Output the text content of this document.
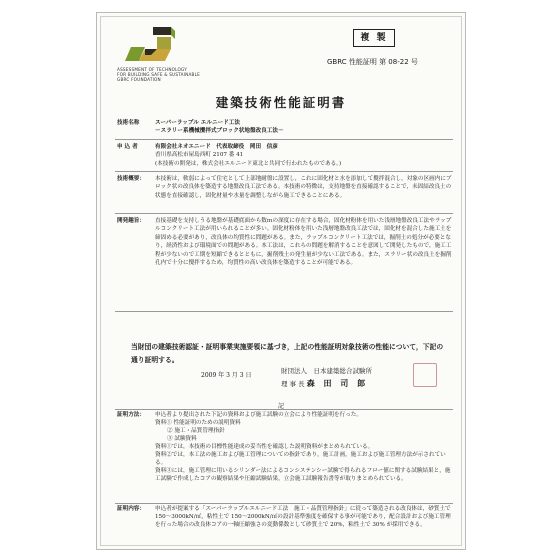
ASSESSMENT OF TECHNOLOGY
FOR BUILDING SAFE & SUSTAINABLE
GBRC FOUNDATION
複 製
GBRC 性能証明 第 08-22 号
建築技術性能証明書
技術名称	スーパーラップル エルニード工法
－スラリー系機械攪拌式ブロック状地盤改良工法－
申 込 者	有限会社ネオエニード　代表取締役　岡田　信彦
香川県高松市屋島西町 2107 番 41
(本技術の開発は，株式会社エルニード東北と共同で行われたものである。)
技術概要：	本技術は，軟弱によって住宅として上部地耐盤に設置し，これに固化材と水を添加して攪拌混合し，対象の区画内にブロック状の改良体を築造する地盤改良工法である。本技術の特徴は，支持地盤を直接確認することで，未固結改良土の状態を直接確認し，固化材量や水量を調整しながら施工できることにある。
開発趣旨：	直接基礎を支持しうる地盤が基礎底面から数ｍの深度に存在する場合，固化材粉体を用いた浅層地盤改良工法やラップルコンクリート工法が用いられることが多い。固化材粉体を用いた浅層地盤改良工法では，固化材を混合した施工土を締固める必要があり，改良体の均質性に問題がある。また，ラップルコンクリート工法では，掘削土の処分が必要となり，経済性および環境面での問題がある。本工法は，これらの問題を解消することを意図して開発したもので，施工工程が少ないので工期を短縮できるとともに，掘削残土の発生量が少ない工法である。また，スラリー状の改良土を掘削孔内で十分に攪拌するため，均質性の高い改良体を築造することが可能である。
当財団の建築技術認証・証明事業実施要領に基づき，上記の性能証明対象技術の性能について，下記の通り証明する。
2009 年 3 月 3 日
財団法人　日本建築総合試験所
理 事 長 森 田 司 郎
記
証明方法：	申込者より提出された下記の資料および施工試験の立会により性能証明を行った。
資料① 性能証明のための説明資料
② 施工・品質管理指針
③ 試験資料
資料①では，本技術の目標性能達成の妥当性を確認した説明資料がまとめられている。
資料②では，本工法の施工および施工管理についての指針であり，施工計画，施工および施工管理方法が示されている。
資料③には，施工管理に用いるシリンダー法によるコンシステンシー試験で得られるフロー値に関する試験結果と，施工試験で作成したコアの観察結果や圧縮試験結果，立会施工試験報告書等が取りまとめられている。
証明内容：	申込者が提案する「スーパーラップルエルニード工法　施工・品質管理指針」に従って築造される改良体は，砂質土で 150〜3000kN/㎡，粘性土で 150〜2000kN/㎡の設計基準強度を確保する事が可能であり，配合設計および施工管理を行った場合の改良体コアの一軸圧縮強さの変動係数として砂質土で 20%，粘性土で 30% が採用できる。
